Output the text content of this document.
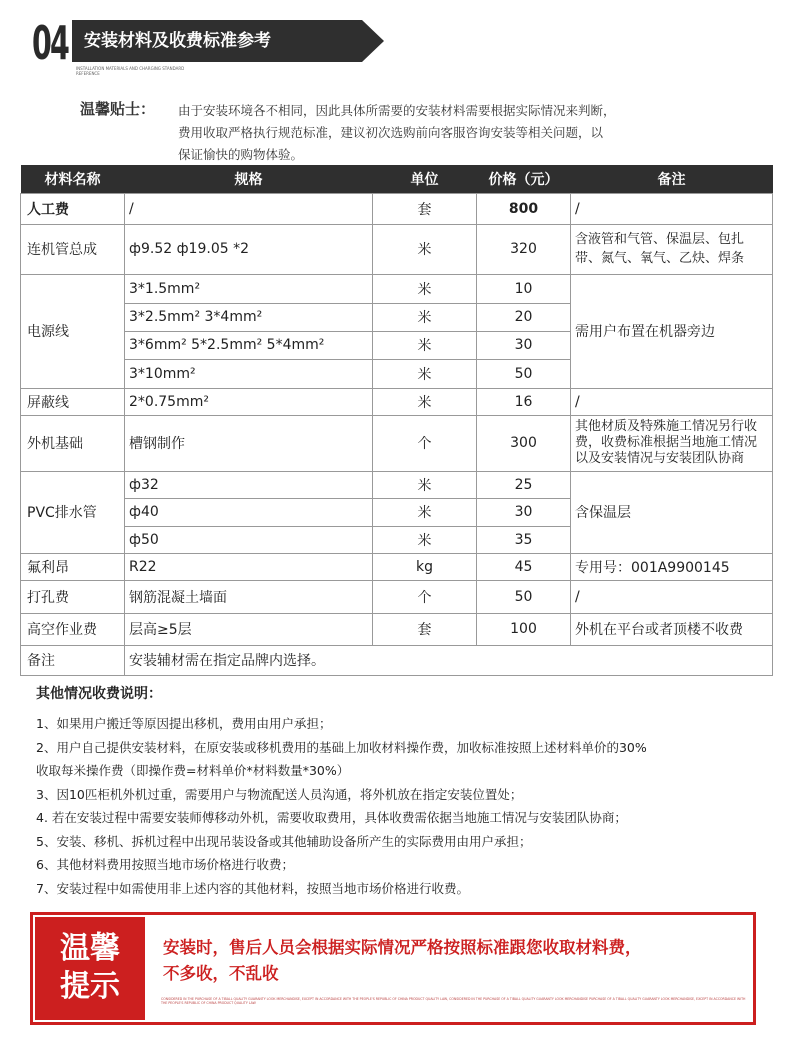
04 安装材料及收费标准参考
INSTALLATION MATERIALS AND CHARGING STANDARD REFERENCE
温馨贴士： 由于安装环境各不相同，因此具体所需要的安装材料需要根据实际情况来判断，
费用收取严格执行规范标准，建议初次选购前向客服咨询安装等相关问题，以
保证愉快的购物体验。
材料名称	规格	单位	价格（元）	备注
人工费	/	套	800	/
连机管总成	ф9.52 ф19.05 *2	米	320	含液管和气管、保温层、包扎带、氮气、氧气、乙炔、焊条
电源线	3*1.5mm²	米	10	需用户布置在机器旁边
	3*2.5mm² 3*4mm²	米	20	
	3*6mm² 5*2.5mm² 5*4mm²	米	30	
	3*10mm²	米	50	
屏蔽线	2*0.75mm²	米	16	/
外机基础	槽钢制作	个	300	其他材质及特殊施工情况另行收费，收费标准根据当地施工情况以及安装情况与安装团队协商
PVC排水管	ф32	米	25	含保温层
	ф40	米	30	
	ф50	米	35	
氟利昂	R22	kg	45	专用号：001A9900145
打孔费	钢筋混凝土墙面	个	50	/
高空作业费	层高≥5层	套	100	外机在平台或者顶楼不收费
备注	安装辅材需在指定品牌内选择。			
其他情况收费说明：
1、如果用户搬迁等原因提出移机，费用由用户承担；
2、用户自己提供安装材料，在原安装或移机费用的基础上加收材料操作费，加收标准按照上述材料单价的30%
收取每米操作费（即操作费=材料单价*材料数量*30%）
3、因10匹柜机外机过重，需要用户与物流配送人员沟通，将外机放在指定安装位置处；
4. 若在安装过程中需要安装师傅移动外机，需要收取费用，具体收费需依据当地施工情况与安装团队协商；
5、安装、移机、拆机过程中出现吊装设备或其他辅助设备所产生的实际费用由用户承担；
6、其他材料费用按照当地市场价格进行收费；
7、安装过程中如需使用非上述内容的其他材料，按照当地市场价格进行收费。
温馨
提示
安装时，售后人员会根据实际情况严格按照标准跟您收取材料费，
不多收，不乱收
CONSIDERED IN THE PURCHASE OF A TIBALL QUALITY GUARANTY LOOK MERCHANDISE, EXCEPT IN ACCORDANCE WITH THE PEOPLE'S REPUBLIC OF CHINA PRODUCT QUALITY LAW, CONSIDERED IN THE PURCHASE OF A TIBALL QUALITY GUARANTY LOOK MERCHANDISE PURCHASE OF A TIBALL QUALITY GUARANTY LOOK MERCHANDISE, EXCEPT IN ACCORDANCE WITH THE PEOPLE'S REPUBLIC OF CHINA PRODUCT QUALITY LAW
